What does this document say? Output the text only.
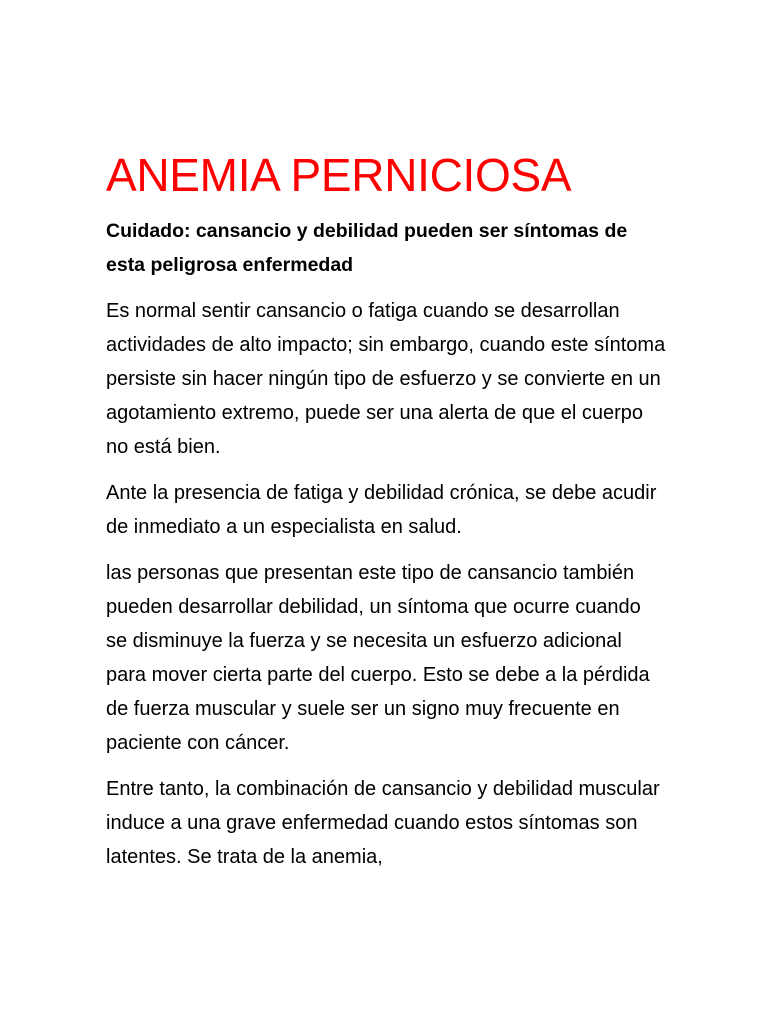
ANEMIA PERNICIOSA

Cuidado: cansancio y debilidad pueden ser síntomas de esta peligrosa enfermedad

Es normal sentir cansancio o fatiga cuando se desarrollan actividades de alto impacto; sin embargo, cuando este síntoma persiste sin hacer ningún tipo de esfuerzo y se convierte en un agotamiento extremo, puede ser una alerta de que el cuerpo no está bien.

Ante la presencia de fatiga y debilidad crónica, se debe acudir de inmediato a un especialista en salud.

las personas que presentan este tipo de cansancio también pueden desarrollar debilidad, un síntoma que ocurre cuando se disminuye la fuerza y se necesita un esfuerzo adicional para mover cierta parte del cuerpo. Esto se debe a la pérdida de fuerza muscular y suele ser un signo muy frecuente en paciente con cáncer.

Entre tanto, la combinación de cansancio y debilidad muscular induce a una grave enfermedad cuando estos síntomas son latentes. Se trata de la anemia,
